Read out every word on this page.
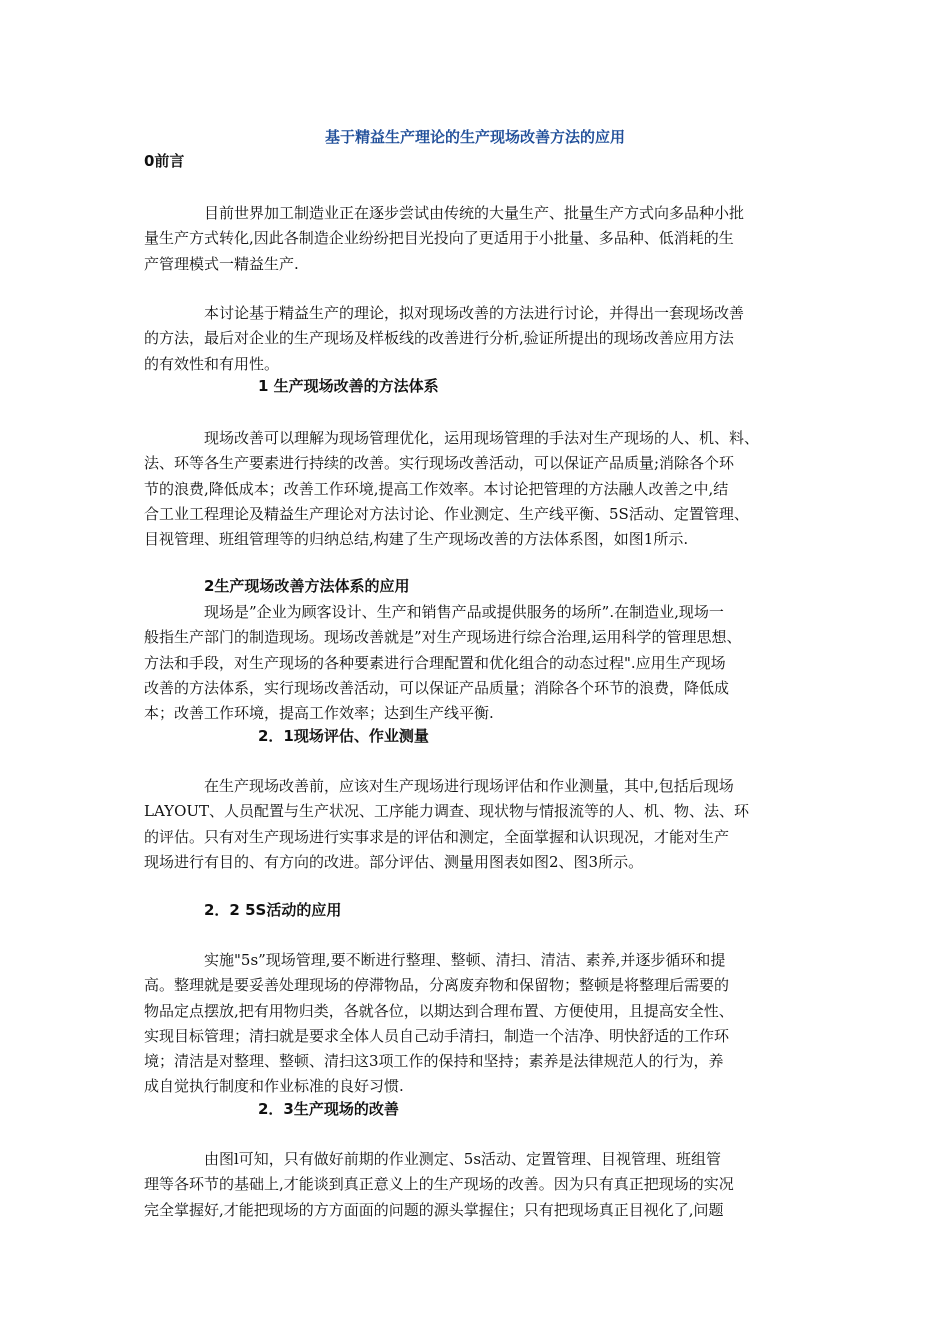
基于精益生产理论的生产现场改善方法的应用
0前言
目前世界加工制造业正在逐步尝试由传统的大量生产、批量生产方式向多品种小批
量生产方式转化,因此各制造企业纷纷把目光投向了更适用于小批量、多品种、低消耗的生
产管理模式一精益生产.
本讨论基于精益生产的理论，拟对现场改善的方法进行讨论，并得出一套现场改善
的方法，最后对企业的生产现场及样板线的改善进行分析,验证所提出的现场改善应用方法
的有效性和有用性。
1 生产现场改善的方法体系
现场改善可以理解为现场管理优化，运用现场管理的手法对生产现场的人、机、料、
法、环等各生产要素进行持续的改善。实行现场改善活动，可以保证产品质量;消除各个环
节的浪费,降低成本；改善工作环境,提高工作效率。本讨论把管理的方法融人改善之中,结
合工业工程理论及精益生产理论对方法讨论、作业测定、生产线平衡、5S活动、定置管理、
目视管理、班组管理等的归纳总结,构建了生产现场改善的方法体系图，如图1所示.
2生产现场改善方法体系的应用
现场是”企业为顾客设计、生产和销售产品或提供服务的场所”.在制造业,现场一
般指生产部门的制造现场。现场改善就是”对生产现场进行综合治理,运用科学的管理思想、
方法和手段，对生产现场的各种要素进行合理配置和优化组合的动态过程".应用生产现场
改善的方法体系，实行现场改善活动，可以保证产品质量；消除各个环节的浪费，降低成
本；改善工作环境，提高工作效率；达到生产线平衡.
2．1现场评估、作业测量
在生产现场改善前，应该对生产现场进行现场评估和作业测量，其中,包括后现场
LAYOUT、人员配置与生产状况、工序能力调查、现状物与情报流等的人、机、物、法、环
的评估。只有对生产现场进行实事求是的评估和测定，全面掌握和认识现况，才能对生产
现场进行有目的、有方向的改进。部分评估、测量用图表如图2、图3所示。
2．2 5S活动的应用
实施"5s”现场管理,要不断进行整理、整顿、清扫、清洁、素养,并逐步循环和提
高。整理就是要妥善处理现场的停滞物品，分离废弃物和保留物；整顿是将整理后需要的
物品定点摆放,把有用物归类，各就各位，以期达到合理布置、方便使用，且提高安全性、
实现目标管理；清扫就是要求全体人员自己动手清扫，制造一个洁净、明快舒适的工作环
境；清洁是对整理、整顿、清扫这3项工作的保持和坚持；素养是法律规范人的行为，养
成自觉执行制度和作业标准的良好习惯.
2．3生产现场的改善
由图l可知，只有做好前期的作业测定、5s活动、定置管理、目视管理、班组管
理等各环节的基础上,才能谈到真正意义上的生产现场的改善。因为只有真正把现场的实况
完全掌握好,才能把现场的方方面面的问题的源头掌握住；只有把现场真正目视化了,问题
